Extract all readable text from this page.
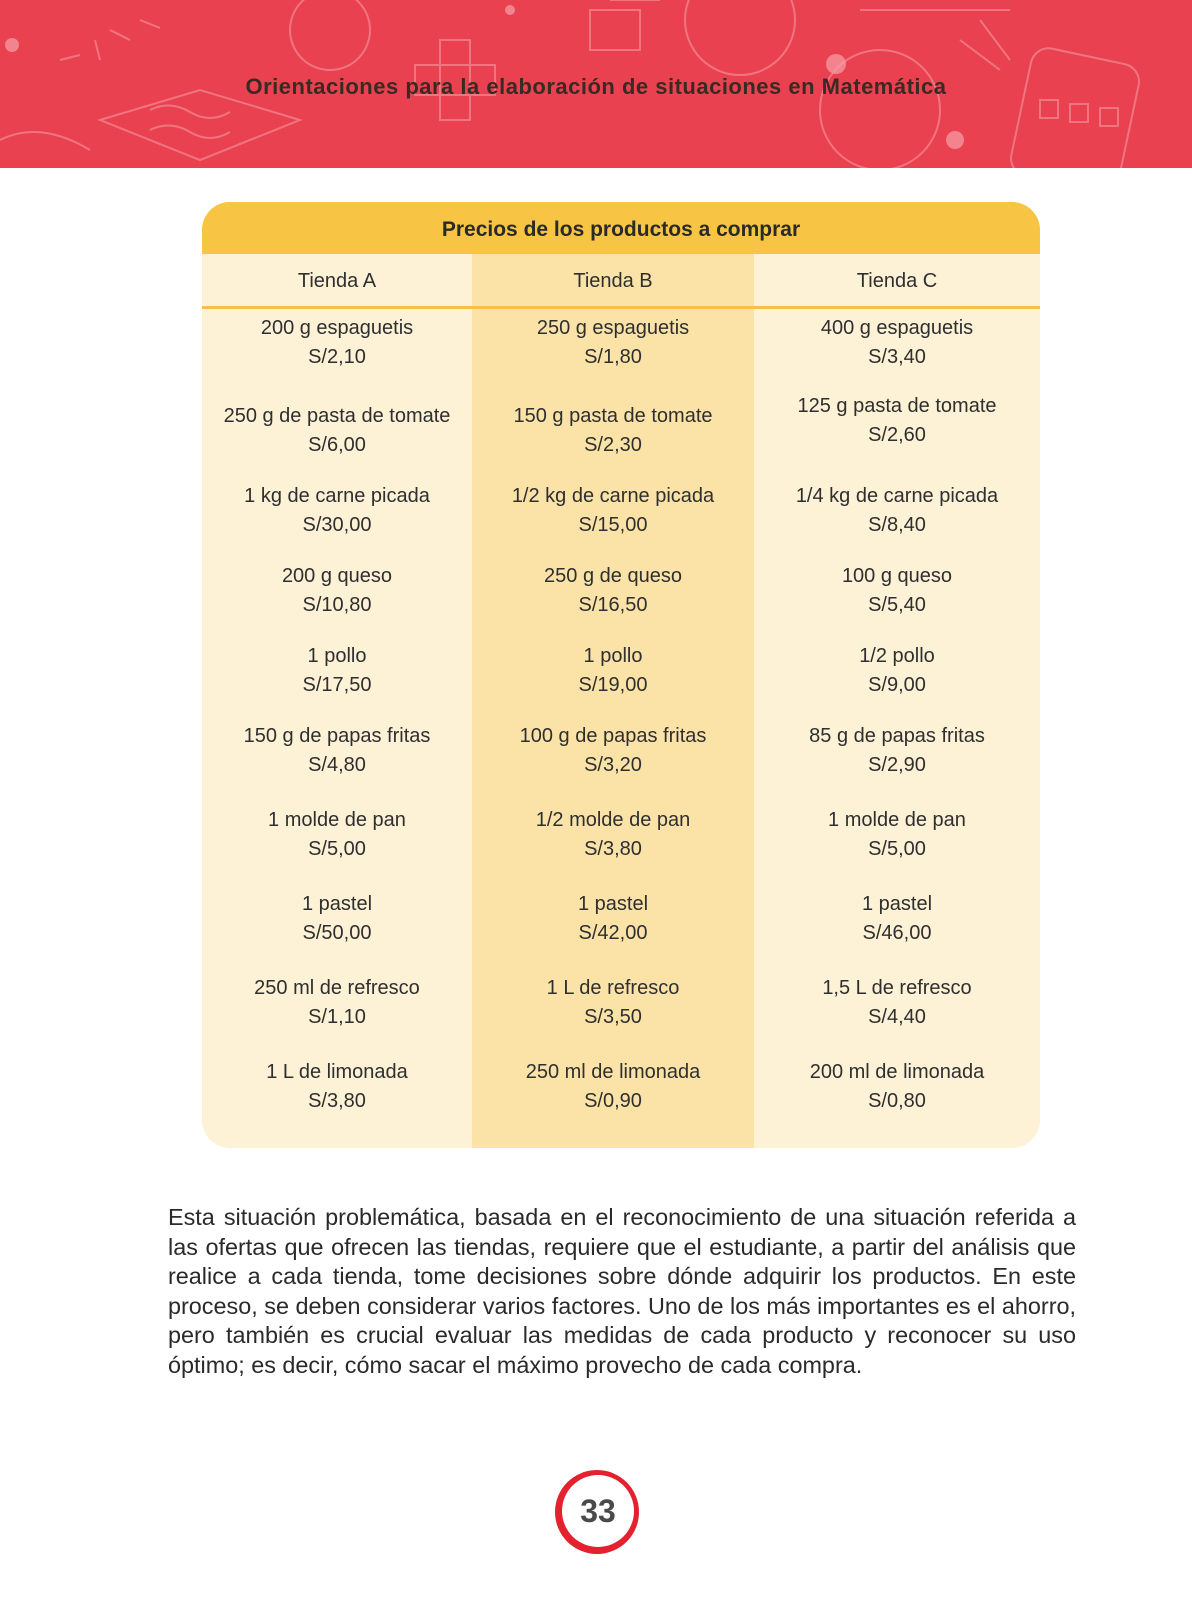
Orientaciones para la elaboración de situaciones en Matemática
Precios de los productos a comprar
Tienda A	Tienda B	Tienda C
200 g espaguetis
S/2,10
250 g espaguetis
S/1,80
400 g espaguetis
S/3,40
250 g de pasta de tomate
S/6,00
150 g pasta de tomate
S/2,30
125 g pasta de tomate
S/2,60
1 kg de carne picada
S/30,00
1/2 kg de carne picada
S/15,00
1/4 kg de carne picada
S/8,40
200 g queso
S/10,80
250 g de queso
S/16,50
100 g queso
S/5,40
1 pollo
S/17,50
1 pollo
S/19,00
1/2 pollo
S/9,00
150 g de papas fritas
S/4,80
100 g de papas fritas
S/3,20
85 g de papas fritas
S/2,90
1 molde de pan
S/5,00
1/2 molde de pan
S/3,80
1 molde de pan
S/5,00
1 pastel
S/50,00
1 pastel
S/42,00
1 pastel
S/46,00
250 ml de refresco
S/1,10
1 L de refresco
S/3,50
1,5 L de refresco
S/4,40
1 L de limonada
S/3,80
250 ml de limonada
S/0,90
200 ml de limonada
S/0,80
Esta situación problemática, basada en el reconocimiento de una situación referida a las ofertas que ofrecen las tiendas, requiere que el estudiante, a partir del análisis que realice a cada tienda, tome decisiones sobre dónde adquirir los productos. En este proceso, se deben considerar varios factores. Uno de los más importantes es el ahorro, pero también es crucial evaluar las medidas de cada producto y reconocer su uso óptimo; es decir, cómo sacar el máximo provecho de cada compra.
33
